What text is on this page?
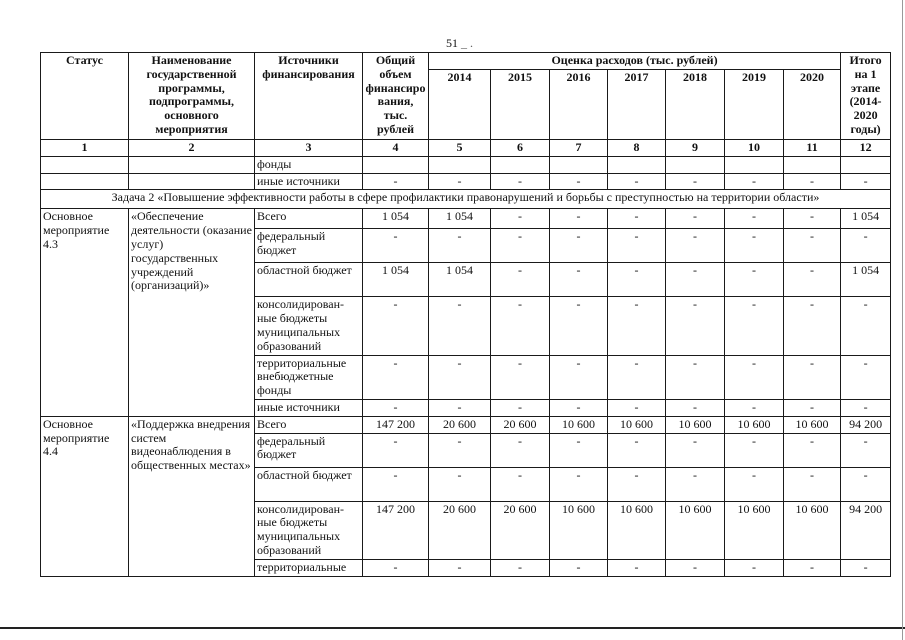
51 _ .
Статус	Наименование государственной программы, подпрограммы, основного мероприятия	Источники финансирования	Общий объем финансиро вания, тыс. рублей	Оценка расходов (тыс. рублей)							Итого на 1 этапе (2014-2020 годы)
				2014	2015	2016	2017	2018	2019	2020	
1	2	3	4	5	6	7	8	9	10	11	12
		фонды									
		иные источники	-	-	-	-	-	-	-	-	-
Задача 2 «Повышение эффективности работы в сфере профилактики правонарушений и борьбы с преступностью на территории области»											
Основное мероприятие 4.3	«Обеспечение деятельности (оказание услуг) государственных учреждений (организаций)»	Всего	1 054	1 054	-	-	-	-	-	-	1 054
		федеральный бюджет	-	-	-	-	-	-	-	-	-
		областной бюджет	1 054	1 054	-	-	-	-	-	-	1 054
		консолидирован-ные бюджеты муниципальных образований	-	-	-	-	-	-	-	-	-
		территориальные внебюджетные фонды	-	-	-	-	-	-	-	-	-
		иные источники	-	-	-	-	-	-	-	-	-
Основное мероприятие 4.4	«Поддержка внедрения систем видеонаблюдения в общественных местах»	Всего	147 200	20 600	20 600	10 600	10 600	10 600	10 600	10 600	94 200
		федеральный бюджет	-	-	-	-	-	-	-	-	-
		областной бюджет	-	-	-	-	-	-	-	-	-
		консолидирован-ные бюджеты муниципальных образований	147 200	20 600	20 600	10 600	10 600	10 600	10 600	10 600	94 200
		территориальные	-	-	-	-	-	-	-	-	-
